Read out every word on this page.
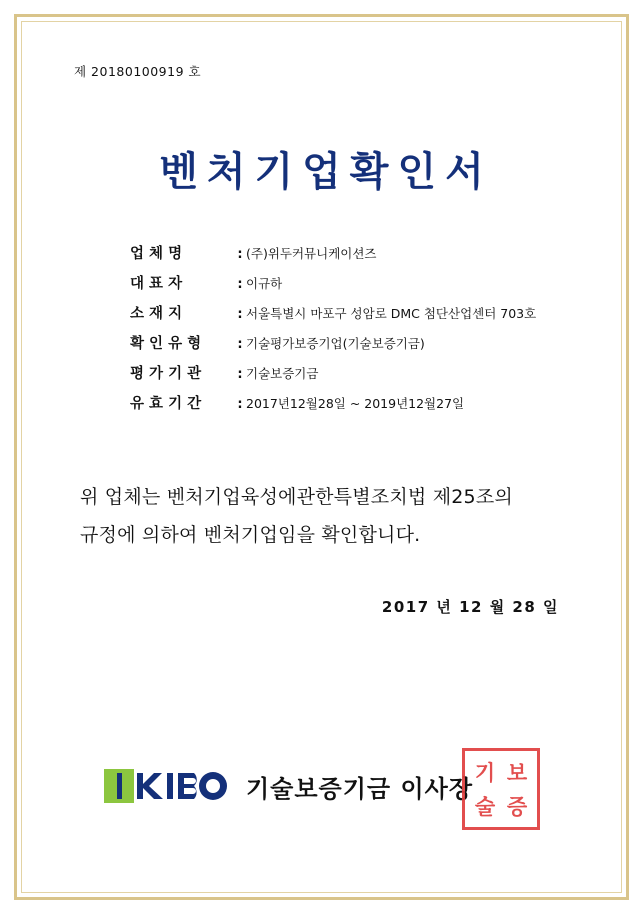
제 20180100919 호
벤처기업확인서
업 체 명	: (주)위두커뮤니케이션즈
대 표 자	: 이규하
소 재 지	: 서울특별시 마포구 성암로 DMC 첨단산업센터 703호
확 인 유 형	: 기술평가보증기업(기술보증기금)
평 가 기 관	: 기술보증기금
유 효 기 간	: 2017년12월28일 ~ 2019년12월27일
위 업체는 벤처기업육성에관한특별조치법 제25조의
규정에 의하여 벤처기업임을 확인합니다.
2017 년 12 월 28 일
기술보증기금 이사장
기 보
술 증
